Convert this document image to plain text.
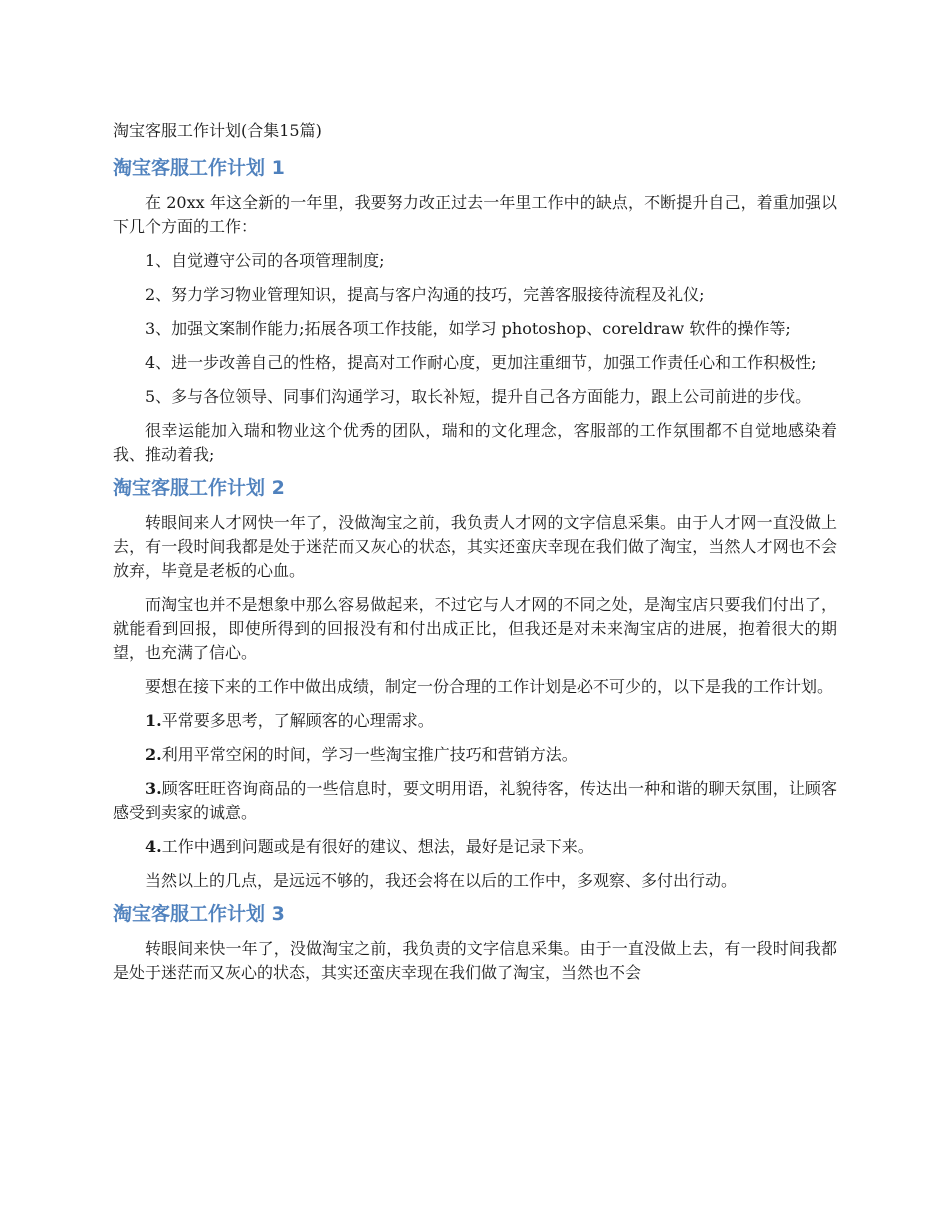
淘宝客服工作计划(合集15篇)
淘宝客服工作计划 1

在 20xx 年这全新的一年里，我要努力改正过去一年里工作中的缺点，不断提升自己，着重加强以下几个方面的工作：

1、自觉遵守公司的各项管理制度;

2、努力学习物业管理知识，提高与客户沟通的技巧，完善客服接待流程及礼仪;

3、加强文案制作能力;拓展各项工作技能，如学习 photoshop、coreldraw 软件的操作等;

4、进一步改善自己的性格，提高对工作耐心度，更加注重细节，加强工作责任心和工作积极性;

5、多与各位领导、同事们沟通学习，取长补短，提升自己各方面能力，跟上公司前进的步伐。

很幸运能加入瑞和物业这个优秀的团队，瑞和的文化理念，客服部的工作氛围都不自觉地感染着我、推动着我;

淘宝客服工作计划 2

转眼间来人才网快一年了，没做淘宝之前，我负责人才网的文字信息采集。由于人才网一直没做上去，有一段时间我都是处于迷茫而又灰心的状态，其实还蛮庆幸现在我们做了淘宝，当然人才网也不会放弃，毕竟是老板的心血。

而淘宝也并不是想象中那么容易做起来，不过它与人才网的不同之处，是淘宝店只要我们付出了，就能看到回报，即使所得到的回报没有和付出成正比，但我还是对未来淘宝店的进展，抱着很大的期望，也充满了信心。

要想在接下来的工作中做出成绩，制定一份合理的工作计划是必不可少的，以下是我的工作计划。

1.平常要多思考，了解顾客的心理需求。

2.利用平常空闲的时间，学习一些淘宝推广技巧和营销方法。

3.顾客旺旺咨询商品的一些信息时，要文明用语，礼貌待客，传达出一种和谐的聊天氛围，让顾客感受到卖家的诚意。

4.工作中遇到问题或是有很好的建议、想法，最好是记录下来。

当然以上的几点，是远远不够的，我还会将在以后的工作中，多观察、多付出行动。

淘宝客服工作计划 3

转眼间来快一年了，没做淘宝之前，我负责的文字信息采集。由于一直没做上去，有一段时间我都是处于迷茫而又灰心的状态，其实还蛮庆幸现在我们做了淘宝，当然也不会
